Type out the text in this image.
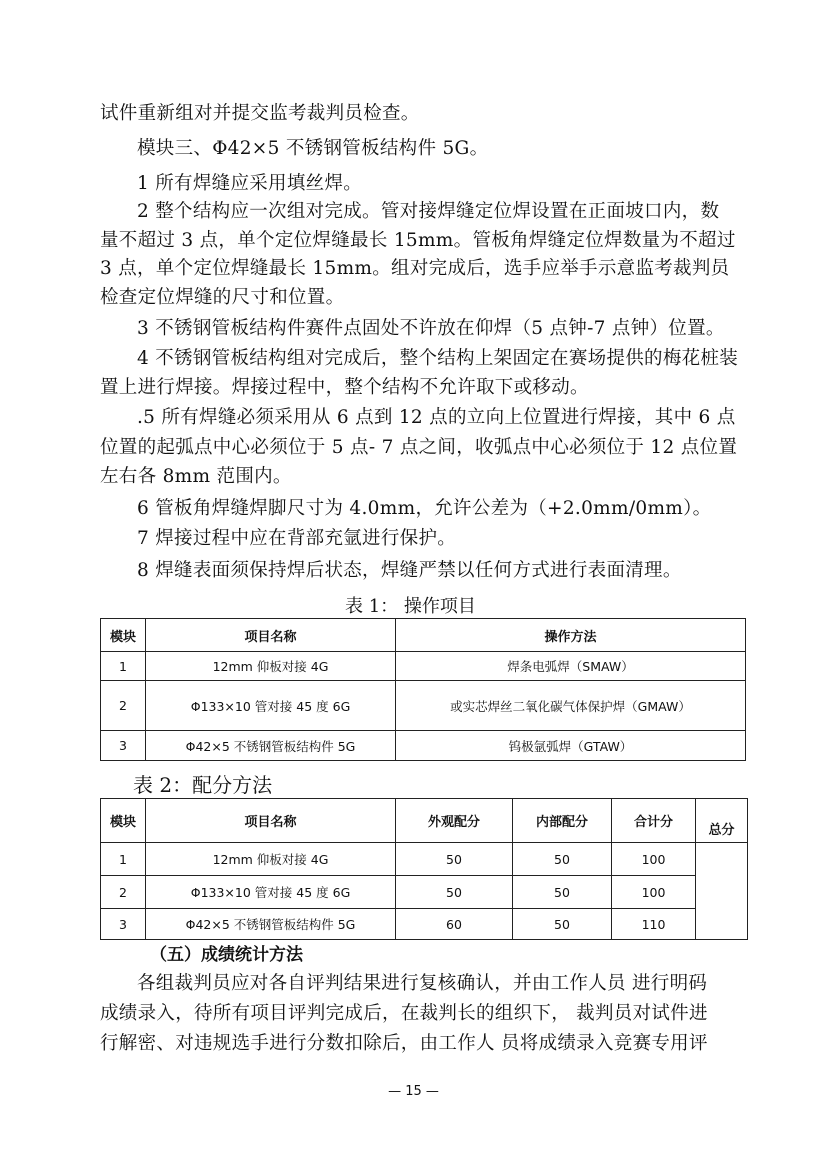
试件重新组对并提交监考裁判员检查。
模块三、Φ42×5 不锈钢管板结构件 5G。
1 所有焊缝应采用填丝焊。
2 整个结构应一次组对完成。管对接焊缝定位焊设置在正面坡口内，数
量不超过 3 点，单个定位焊缝最长 15mm。管板角焊缝定位焊数量为不超过
3 点，单个定位焊缝最长 15mm。组对完成后，选手应举手示意监考裁判员
检查定位焊缝的尺寸和位置。
3 不锈钢管板结构件赛件点固处不许放在仰焊（5 点钟-7 点钟）位置。
4 不锈钢管板结构组对完成后，整个结构上架固定在赛场提供的梅花桩装
置上进行焊接。焊接过程中，整个结构不允许取下或移动。
.5 所有焊缝必须采用从 6 点到 12 点的立向上位置进行焊接，其中 6 点
位置的起弧点中心必须位于 5 点- 7 点之间，收弧点中心必须位于 12 点位置
左右各 8mm 范围内。
6 管板角焊缝焊脚尺寸为 4.0mm，允许公差为（+2.0mm/0mm）。
7 焊接过程中应在背部充氩进行保护。
8 焊缝表面须保持焊后状态，焊缝严禁以任何方式进行表面清理。
表 1： 操作项目
模块	项目名称	操作方法
1	12mm 仰板对接 4G	焊条电弧焊（SMAW）
2	Φ133×10 管对接 45 度 6G	或实芯焊丝二氧化碳气体保护焊（GMAW）
3	Φ42×5 不锈钢管板结构件 5G	钨极氩弧焊（GTAW）
表 2：配分方法
模块	项目名称	外观配分	内部配分	合计分	总分
1	12mm 仰板对接 4G	50	50	100	
2	Φ133×10 管对接 45 度 6G	50	50	100	
3	Φ42×5 不锈钢管板结构件 5G	60	50	110	
（五）成绩统计方法
各组裁判员应对各自评判结果进行复核确认，并由工作人员 进行明码
成绩录入，待所有项目评判完成后，在裁判长的组织下， 裁判员对试件进
行解密、对违规选手进行分数扣除后，由工作人 员将成绩录入竞赛专用评
— 15 —
